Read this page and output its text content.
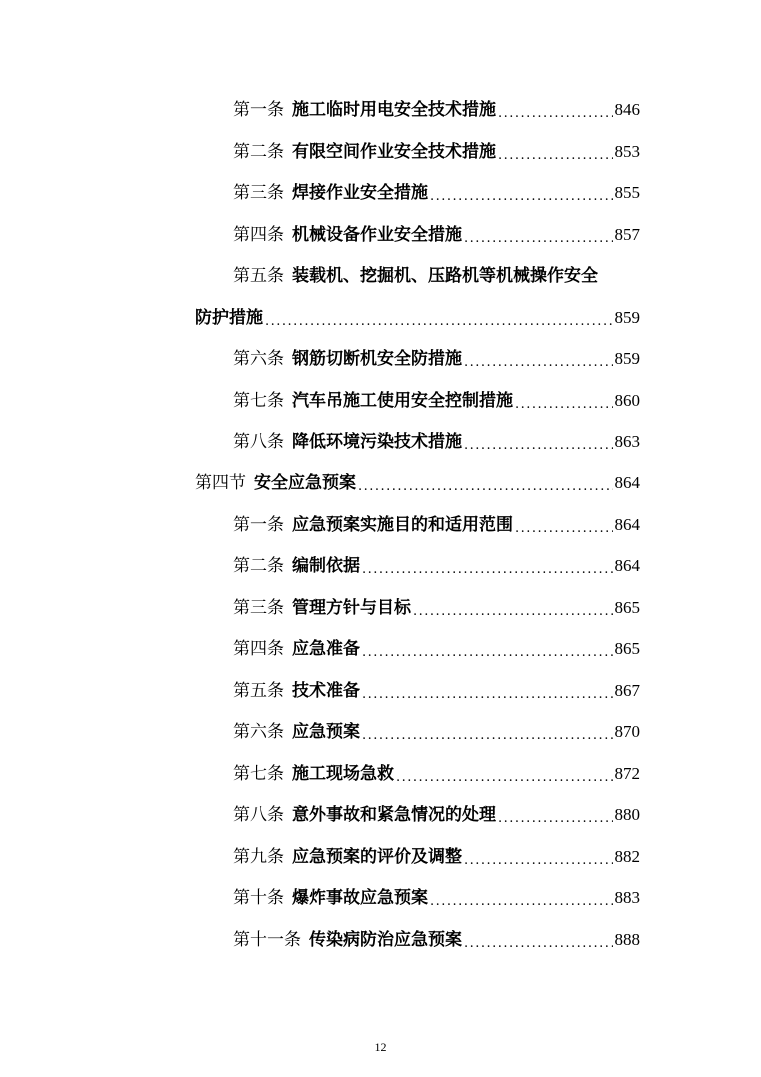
第一条 施工临时用电安全技术措施 .....	846
第二条 有限空间作业安全技术措施 .....	853
第三条 焊接作业安全措施 .....	855
第四条 机械设备作业安全措施 .....	857
第五条 装载机、挖掘机、压路机等机械操作安全
防护措施 .....	859
第六条 钢筋切断机安全防措施 .....	859
第七条 汽车吊施工使用安全控制措施 .....	860
第八条 降低环境污染技术措施 .....	863
第四节 安全应急预案 .....	864
第一条 应急预案实施目的和适用范围 .....	864
第二条 编制依据 .....	864
第三条 管理方针与目标 .....	865
第四条 应急准备 .....	865
第五条 技术准备 .....	867
第六条 应急预案 .....	870
第七条 施工现场急救 .....	872
第八条 意外事故和紧急情况的处理 .....	880
第九条 应急预案的评价及调整 .....	882
第十条 爆炸事故应急预案 .....	883
第十一条 传染病防治应急预案 .....	888
12
